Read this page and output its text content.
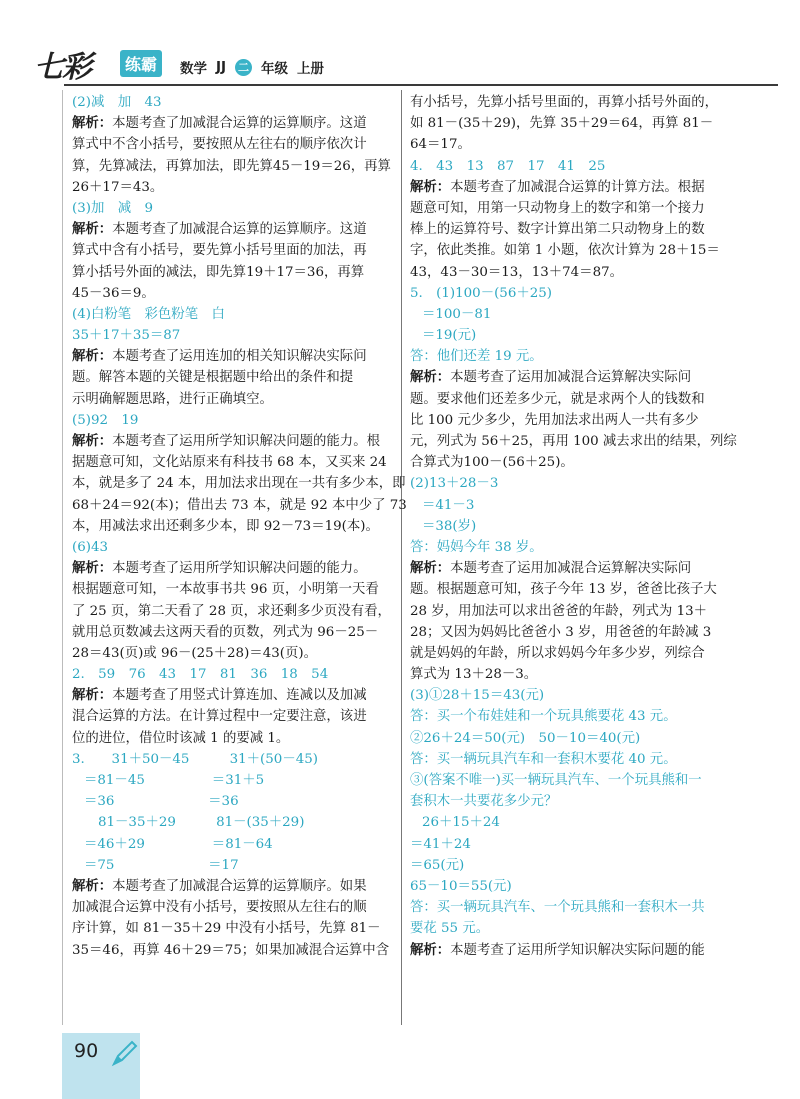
七彩	练霸	数学 JJ 二 年级 上册
(2)减　加　43
解析：本题考查了加减混合运算的运算顺序。这道
算式中不含小括号，要按照从左往右的顺序依次计
算，先算减法，再算加法，即先算45－19＝26，再算
26＋17＝43。
(3)加　减　9
解析：本题考查了加减混合运算的运算顺序。这道
算式中含有小括号，要先算小括号里面的加法，再
算小括号外面的减法，即先算19＋17＝36，再算
45－36＝9。
(4)白粉笔　彩色粉笔　白
35＋17＋35＝87
解析：本题考查了运用连加的相关知识解决实际问
题。解答本题的关键是根据题中给出的条件和提
示明确解题思路，进行正确填空。
(5)92　19
解析：本题考查了运用所学知识解决问题的能力。根
据题意可知，文化站原来有科技书 68 本，又买来 24
本，就是多了 24 本，用加法求出现在一共有多少本，即
68＋24＝92(本)；借出去 73 本，就是 92 本中少了 73
本，用减法求出还剩多少本，即 92－73＝19(本)。
(6)43
解析：本题考查了运用所学知识解决问题的能力。
根据题意可知，一本故事书共 96 页，小明第一天看
了 25 页，第二天看了 28 页，求还剩多少页没有看，
就用总页数减去这两天看的页数，列式为 96－25－
28＝43(页)或 96－(25＋28)＝43(页)。
2.　59　76　43　17　81　36　18　54
解析：本题考查了用竖式计算连加、连减以及加减
混合运算的方法。在计算过程中一定要注意，该进
位的进位，借位时该减 1 的要减 1。
3.　　31＋50－45　　　31＋(50－45)
＝81－45　　　　　＝31＋5
＝36　　　　　　　＝36
81－35＋29　　　81－(35＋29)
＝46＋29　　　　　＝81－64
＝75　　　　　　　＝17
解析：本题考查了加减混合运算的运算顺序。如果
加减混合运算中没有小括号，要按照从左往右的顺
序计算，如 81－35＋29 中没有小括号，先算 81－
35＝46，再算 46＋29＝75；如果加减混合运算中含
有小括号，先算小括号里面的，再算小括号外面的，
如 81－(35＋29)，先算 35＋29＝64，再算 81－
64＝17。
4.　43　13　87　17　41　25
解析：本题考查了加减混合运算的计算方法。根据
题意可知，用第一只动物身上的数字和第一个接力
棒上的运算符号、数字计算出第二只动物身上的数
字，依此类推。如第 1 小题，依次计算为 28＋15＝
43，43－30＝13，13＋74＝87。
5.　(1)100－(56＋25)
＝100－81
＝19(元)
答：他们还差 19 元。
解析：本题考查了运用加减混合运算解决实际问
题。要求他们还差多少元，就是求两个人的钱数和
比 100 元少多少，先用加法求出两人一共有多少
元，列式为 56＋25，再用 100 减去求出的结果，列综
合算式为100－(56＋25)。
(2)13＋28－3
＝41－3
＝38(岁)
答：妈妈今年 38 岁。
解析：本题考查了运用加减混合运算解决实际问
题。根据题意可知，孩子今年 13 岁，爸爸比孩子大
28 岁，用加法可以求出爸爸的年龄，列式为 13＋
28；又因为妈妈比爸爸小 3 岁，用爸爸的年龄减 3
就是妈妈的年龄，所以求妈妈今年多少岁，列综合
算式为 13＋28－3。
(3)①28＋15＝43(元)
答：买一个布娃娃和一个玩具熊要花 43 元。
②26＋24＝50(元)　50－10＝40(元)
答：买一辆玩具汽车和一套积木要花 40 元。
③(答案不唯一)买一辆玩具汽车、一个玩具熊和一
套积木一共要花多少元？
26＋15＋24
＝41＋24
＝65(元)
65－10＝55(元)
答：买一辆玩具汽车、一个玩具熊和一套积木一共
要花 55 元。
解析：本题考查了运用所学知识解决实际问题的能
90
